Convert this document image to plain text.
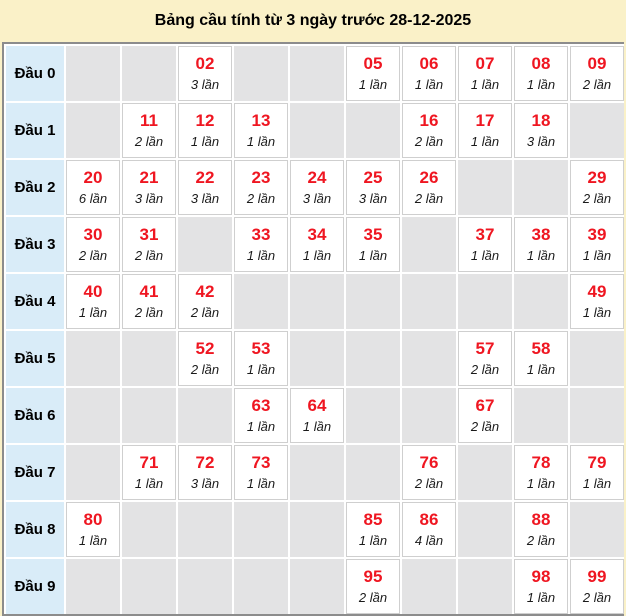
Bảng cầu tính từ 3 ngày trước 28-12-2025
Đầu 0
02
3 lần
05
1 lần
06
1 lần
07
1 lần
08
1 lần
09
2 lần
Đầu 1
11
2 lần
12
1 lần
13
1 lần
16
2 lần
17
1 lần
18
3 lần
Đầu 2
20
6 lần
21
3 lần
22
3 lần
23
2 lần
24
3 lần
25
3 lần
26
2 lần
29
2 lần
Đầu 3
30
2 lần
31
2 lần
33
1 lần
34
1 lần
35
1 lần
37
1 lần
38
1 lần
39
1 lần
Đầu 4
40
1 lần
41
2 lần
42
2 lần
49
1 lần
Đầu 5
52
2 lần
53
1 lần
57
2 lần
58
1 lần
Đầu 6
63
1 lần
64
1 lần
67
2 lần
Đầu 7
71
1 lần
72
3 lần
73
1 lần
76
2 lần
78
1 lần
79
1 lần
Đầu 8
80
1 lần
85
1 lần
86
4 lần
88
2 lần
Đầu 9
95
2 lần
98
1 lần
99
2 lần
